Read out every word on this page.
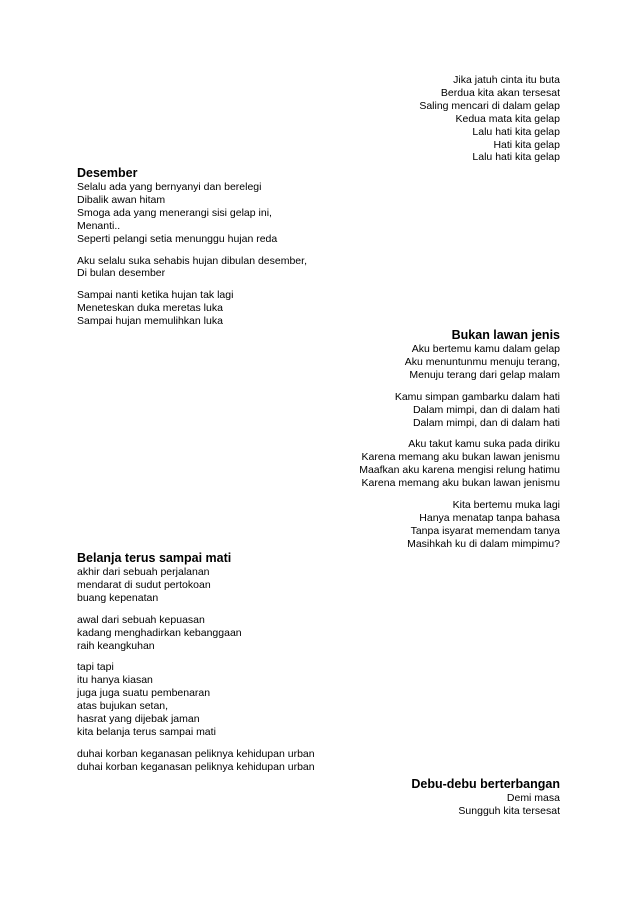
Jika jatuh cinta itu buta
Berdua kita akan tersesat
Saling mencari di dalam gelap
Kedua mata kita gelap
Lalu hati kita gelap
Hati kita gelap
Lalu hati kita gelap
Desember
Selalu ada yang bernyanyi dan berelegi
Dibalik awan hitam
Smoga ada yang menerangi sisi gelap ini,
Menanti..
Seperti pelangi setia menunggu hujan reda
Aku selalu suka sehabis hujan dibulan desember,
Di bulan desember
Sampai nanti ketika hujan tak lagi
Meneteskan duka meretas luka
Sampai hujan memulihkan luka
Bukan lawan jenis
Aku bertemu kamu dalam gelap
Aku menuntunmu menuju terang,
Menuju terang dari gelap malam
Kamu simpan gambarku dalam hati
Dalam mimpi, dan di dalam hati
Dalam mimpi, dan di dalam hati
Aku takut kamu suka pada diriku
Karena memang aku bukan lawan jenismu
Maafkan aku karena mengisi relung hatimu
Karena memang aku bukan lawan jenismu
Kita bertemu muka lagi
Hanya menatap tanpa bahasa
Tanpa isyarat memendam tanya
Masihkah ku di dalam mimpimu?
Belanja terus sampai mati
akhir dari sebuah perjalanan
mendarat di sudut pertokoan
buang kepenatan
awal dari sebuah kepuasan
kadang menghadirkan kebanggaan
raih keangkuhan
tapi tapi
itu hanya kiasan
juga juga suatu pembenaran
atas bujukan setan,
hasrat yang dijebak jaman
kita belanja terus sampai mati
duhai korban keganasan peliknya kehidupan urban
duhai korban keganasan peliknya kehidupan urban
Debu-debu berterbangan
Demi masa
Sungguh kita tersesat
